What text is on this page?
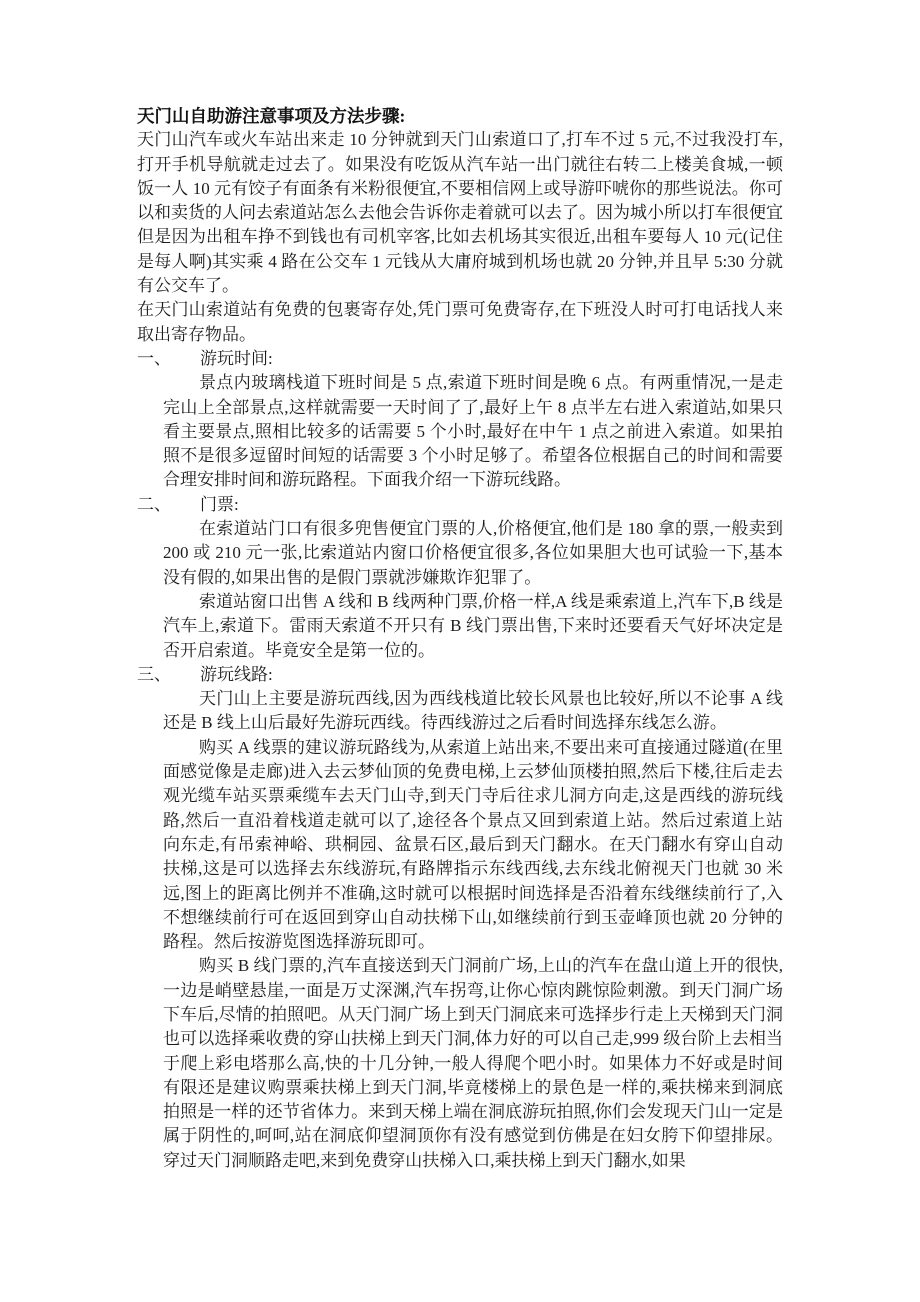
天门山自助游注意事项及方法步骤:

天门山汽车或火车站出来走 10 分钟就到天门山索道口了,打车不过 5 元,不过我没打车,打开手机导航就走过去了。如果没有吃饭从汽车站一出门就往右转二上楼美食城,一顿饭一人 10 元有饺子有面条有米粉很便宜,不要相信网上或导游吓唬你的那些说法。你可以和卖货的人问去索道站怎么去他会告诉你走着就可以去了。因为城小所以打车很便宜但是因为出租车挣不到钱也有司机宰客,比如去机场其实很近,出租车要每人 10 元(记住是每人啊)其实乘 4 路在公交车 1 元钱从大庸府城到机场也就 20 分钟,并且早 5:30 分就有公交车了。

在天门山索道站有免费的包裹寄存处,凭门票可免费寄存,在下班没人时可打电话找人来取出寄存物品。

一、 游玩时间:

景点内玻璃栈道下班时间是 5 点,索道下班时间是晚 6 点。有两重情况,一是走完山上全部景点,这样就需要一天时间了了,最好上午 8 点半左右进入索道站,如果只看主要景点,照相比较多的话需要 5 个小时,最好在中午 1 点之前进入索道。如果拍照不是很多逗留时间短的话需要 3 个小时足够了。希望各位根据自己的时间和需要合理安排时间和游玩路程。下面我介绍一下游玩线路。

二、 门票:

在索道站门口有很多兜售便宜门票的人,价格便宜,他们是 180 拿的票,一般卖到 200 或 210 元一张,比索道站内窗口价格便宜很多,各位如果胆大也可试验一下,基本没有假的,如果出售的是假门票就涉嫌欺诈犯罪了。

索道站窗口出售 A 线和 B 线两种门票,价格一样,A 线是乘索道上,汽车下,B 线是汽车上,索道下。雷雨天索道不开只有 B 线门票出售,下来时还要看天气好坏决定是否开启索道。毕竟安全是第一位的。

三、 游玩线路:

天门山上主要是游玩西线,因为西线栈道比较长风景也比较好,所以不论事 A 线还是 B 线上山后最好先游玩西线。待西线游过之后看时间选择东线怎么游。

购买 A 线票的建议游玩路线为,从索道上站出来,不要出来可直接通过隧道(在里面感觉像是走廊)进入去云梦仙顶的免费电梯,上云梦仙顶楼拍照,然后下楼,往后走去观光缆车站买票乘缆车去天门山寺,到天门寺后往求儿洞方向走,这是西线的游玩线路,然后一直沿着栈道走就可以了,途径各个景点又回到索道上站。然后过索道上站向东走,有吊索神峪、珙桐园、盆景石区,最后到天门翻水。在天门翻水有穿山自动扶梯,这是可以选择去东线游玩,有路牌指示东线西线,去东线北俯视天门也就 30 米远,图上的距离比例并不准确,这时就可以根据时间选择是否沿着东线继续前行了,入不想继续前行可在返回到穿山自动扶梯下山,如继续前行到玉壶峰顶也就 20 分钟的路程。然后按游览图选择游玩即可。

购买 B 线门票的,汽车直接送到天门洞前广场,上山的汽车在盘山道上开的很快,一边是峭壁悬崖,一面是万丈深渊,汽车拐弯,让你心惊肉跳惊险刺激。到天门洞广场下车后,尽情的拍照吧。从天门洞广场上到天门洞底来可选择步行走上天梯到天门洞也可以选择乘收费的穿山扶梯上到天门洞,体力好的可以自己走,999 级台阶上去相当于爬上彩电塔那么高,快的十几分钟,一般人得爬个吧小时。如果体力不好或是时间有限还是建议购票乘扶梯上到天门洞,毕竟楼梯上的景色是一样的,乘扶梯来到洞底拍照是一样的还节省体力。来到天梯上端在洞底游玩拍照,你们会发现天门山一定是属于阴性的,呵呵,站在洞底仰望洞顶你有没有感觉到仿佛是在妇女胯下仰望排尿。穿过天门洞顺路走吧,来到免费穿山扶梯入口,乘扶梯上到天门翻水,如果
